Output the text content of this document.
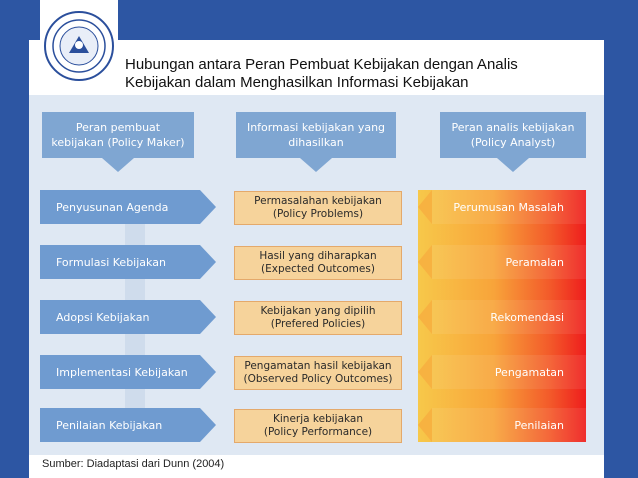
Hubungan antara Peran Pembuat Kebijakan dengan Analis
Kebijakan dalam Menghasilkan Informasi Kebijakan
Peran pembuat
kebijakan (Policy Maker)
Informasi kebijakan yang
dihasilkan
Peran analis kebijakan
(Policy Analyst)
Penyusunan Agenda
Formulasi Kebijakan
Adopsi Kebijakan
Implementasi Kebijakan
Penilaian Kebijakan
Permasalahan kebijakan
(Policy Problems)
Hasil yang diharapkan
(Expected Outcomes)
Kebijakan yang dipilih
(Prefered Policies)
Pengamatan hasil kebijakan
(Observed Policy Outcomes)
Kinerja kebijakan
(Policy Performance)
Perumusan Masalah
Peramalan
Rekomendasi
Pengamatan
Penilaian
Sumber: Diadaptasi dari Dunn (2004)
